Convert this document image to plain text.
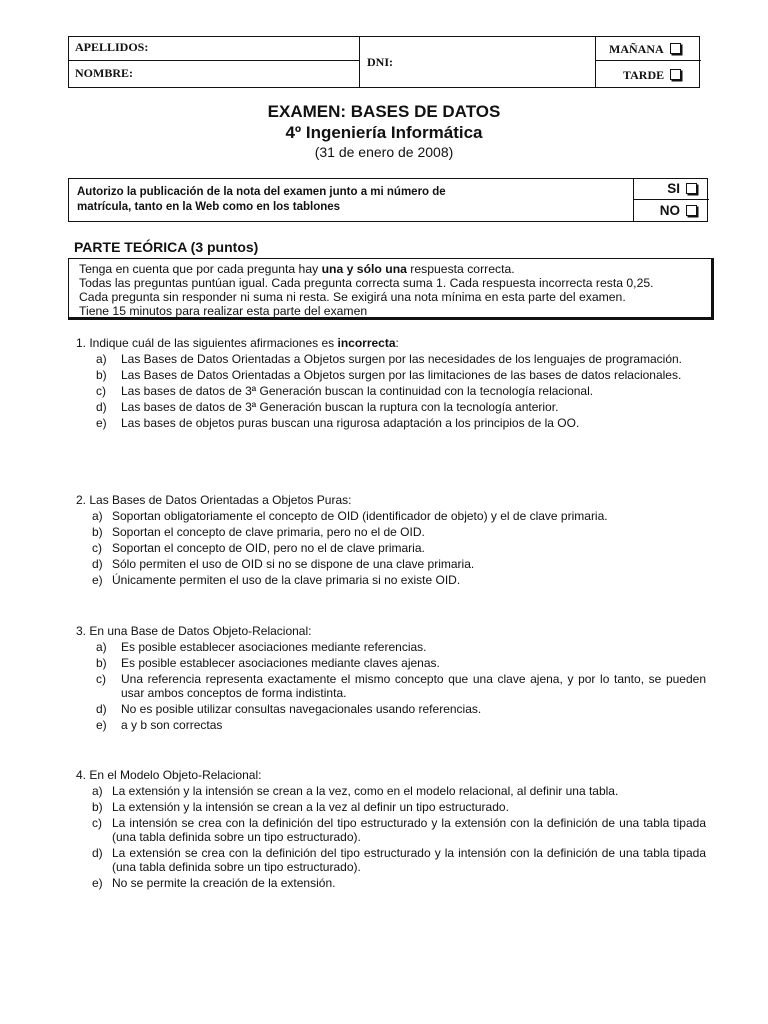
APELLIDOS:
NOMBRE:
DNI:
MAÑANA
TARDE
EXAMEN: BASES DE DATOS
4º Ingeniería Informática
(31 de enero de 2008)
Autorizo la publicación de la nota del examen junto a mi número de
matrícula, tanto en la Web como en los tablones
SI
NO
PARTE TEÓRICA (3 puntos)
Tenga en cuenta que por cada pregunta hay una y sólo una respuesta correcta.
Todas las preguntas puntúan igual. Cada pregunta correcta suma 1. Cada respuesta incorrecta resta 0,25.
Cada pregunta sin responder ni suma ni resta. Se exigirá una nota mínima en esta parte del examen.
Tiene 15 minutos para realizar esta parte del examen
1. Indique cuál de las siguientes afirmaciones es incorrecta:
a) Las Bases de Datos Orientadas a Objetos surgen por las necesidades de los lenguajes de programación.
b) Las Bases de Datos Orientadas a Objetos surgen por las limitaciones de las bases de datos relacionales.
c) Las bases de datos de 3ª Generación buscan la continuidad con la tecnología relacional.
d) Las bases de datos de 3ª Generación buscan la ruptura con la tecnología anterior.
e) Las bases de objetos puras buscan una rigurosa adaptación a los principios de la OO.
2. Las Bases de Datos Orientadas a Objetos Puras:
a) Soportan obligatoriamente el concepto de OID (identificador de objeto) y el de clave primaria.
b) Soportan el concepto de clave primaria, pero no el de OID.
c) Soportan el concepto de OID, pero no el de clave primaria.
d) Sólo permiten el uso de OID si no se dispone de una clave primaria.
e) Únicamente permiten el uso de la clave primaria si no existe OID.
3. En una Base de Datos Objeto-Relacional:
a) Es posible establecer asociaciones mediante referencias.
b) Es posible establecer asociaciones mediante claves ajenas.
c) Una referencia representa exactamente el mismo concepto que una clave ajena, y por lo tanto, se pueden usar ambos conceptos de forma indistinta.
d) No es posible utilizar consultas navegacionales usando referencias.
e) a y b son correctas
4. En el Modelo Objeto-Relacional:
a) La extensión y la intensión se crean a la vez, como en el modelo relacional, al definir una tabla.
b) La extensión y la intensión se crean a la vez al definir un tipo estructurado.
c) La intensión se crea con la definición del tipo estructurado y la extensión con la definición de una tabla tipada (una tabla definida sobre un tipo estructurado).
d) La extensión se crea con la definición del tipo estructurado y la intensión con la definición de una tabla tipada (una tabla definida sobre un tipo estructurado).
e) No se permite la creación de la extensión.
